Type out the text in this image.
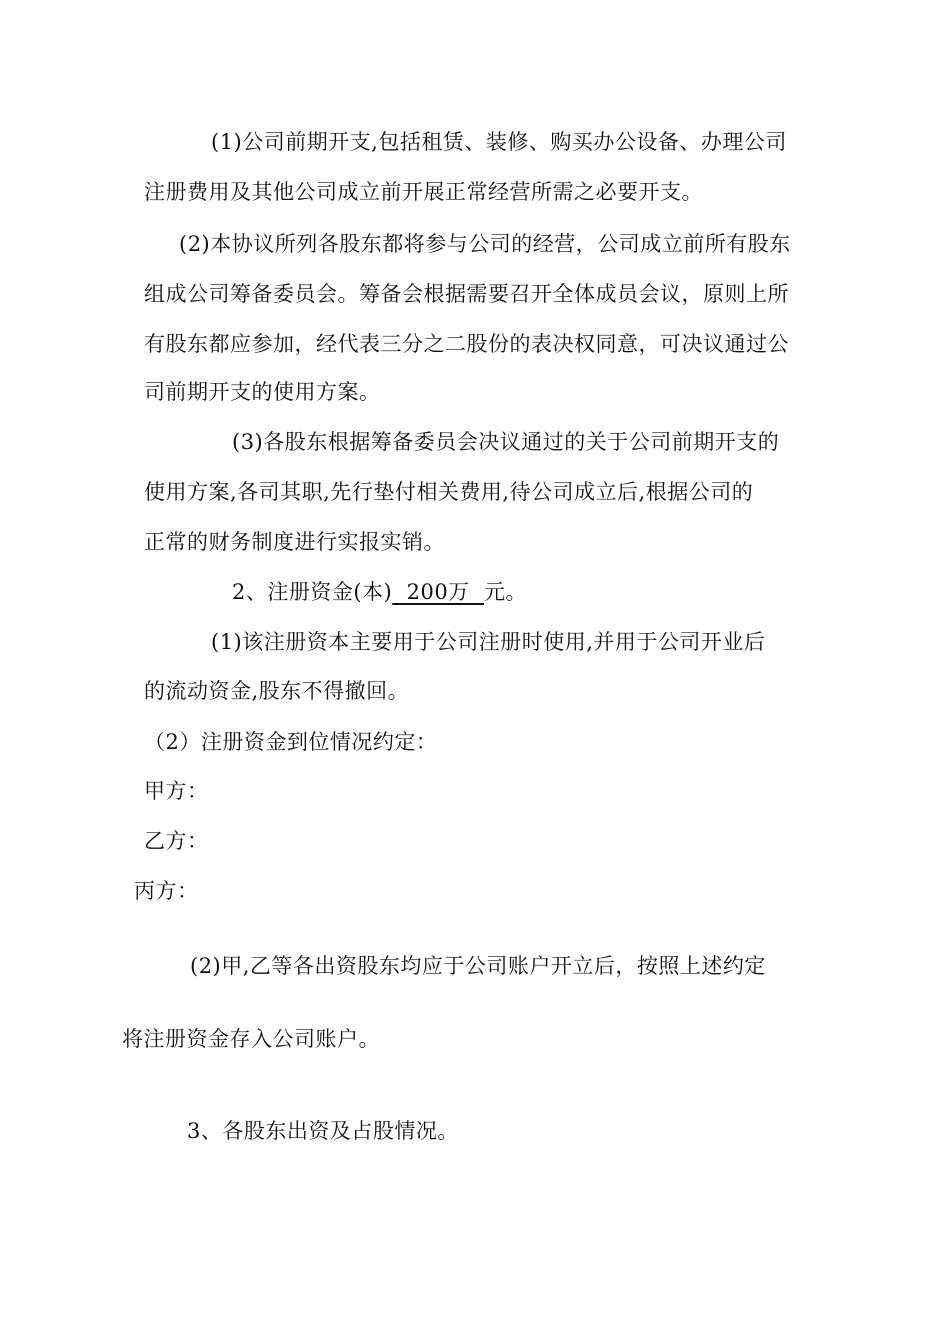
(1)公司前期开支,包括租赁、装修、购买办公设备、办理公司
注册费用及其他公司成立前开展正常经营所需之必要开支。
(2)本协议所列各股东都将参与公司的经营，公司成立前所有股东
组成公司筹备委员会。筹备会根据需要召开全体成员会议，原则上所
有股东都应参加，经代表三分之二股份的表决权同意，可决议通过公
司前期开支的使用方案。
(3)各股东根据筹备委员会决议通过的关于公司前期开支的
使用方案,各司其职,先行垫付相关费用,待公司成立后,根据公司的
正常的财务制度进行实报实销。
2、注册资金(本)  200万  元。
(1)该注册资本主要用于公司注册时使用,并用于公司开业后
的流动资金,股东不得撤回。
（2）注册资金到位情况约定：
甲方：
乙方：
丙方：
(2)甲,乙等各出资股东均应于公司账户开立后，按照上述约定
将注册资金存入公司账户。
3、各股东出资及占股情况。
